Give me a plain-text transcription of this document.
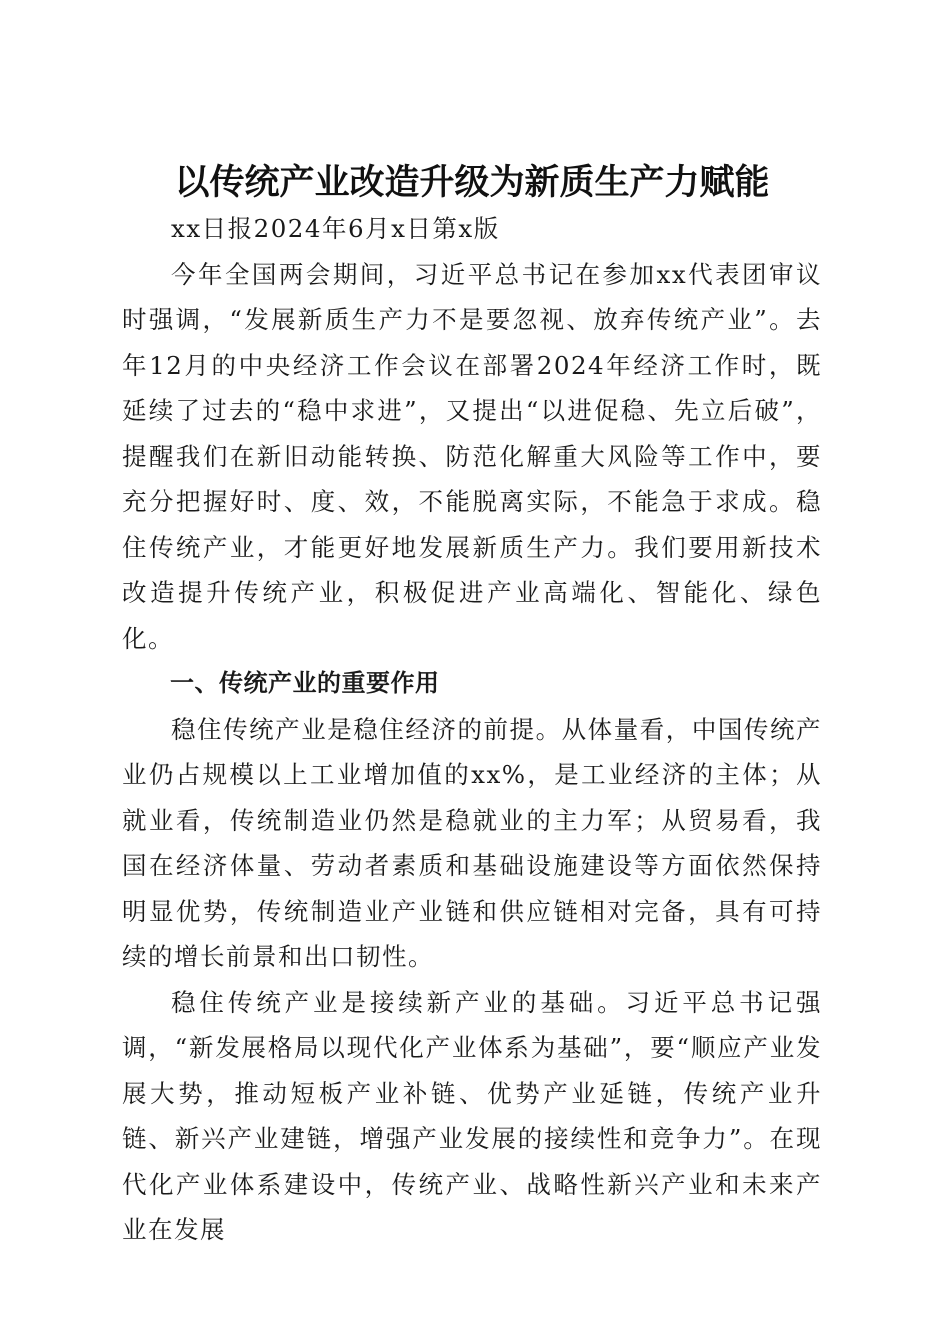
以传统产业改造升级为新质生产力赋能

xx日报2024年6月x日第x版

今年全国两会期间，习近平总书记在参加xx代表团审议时强调，“发展新质生产力不是要忽视、放弃传统产业”。去年12月的中央经济工作会议在部署2024年经济工作时，既延续了过去的“稳中求进”，又提出“以进促稳、先立后破”，提醒我们在新旧动能转换、防范化解重大风险等工作中，要充分把握好时、度、效，不能脱离实际，不能急于求成。稳住传统产业，才能更好地发展新质生产力。我们要用新技术改造提升传统产业，积极促进产业高端化、智能化、绿色化。

一、传统产业的重要作用

稳住传统产业是稳住经济的前提。从体量看，中国传统产业仍占规模以上工业增加值的xx%，是工业经济的主体；从就业看，传统制造业仍然是稳就业的主力军；从贸易看，我国在经济体量、劳动者素质和基础设施建设等方面依然保持明显优势，传统制造业产业链和供应链相对完备，具有可持续的增长前景和出口韧性。

稳住传统产业是接续新产业的基础。习近平总书记强调，“新发展格局以现代化产业体系为基础”，要“顺应产业发展大势，推动短板产业补链、优势产业延链，传统产业升链、新兴产业建链，增强产业发展的接续性和竞争力”。在现代化产业体系建设中，传统产业、战略性新兴产业和未来产业在发展
